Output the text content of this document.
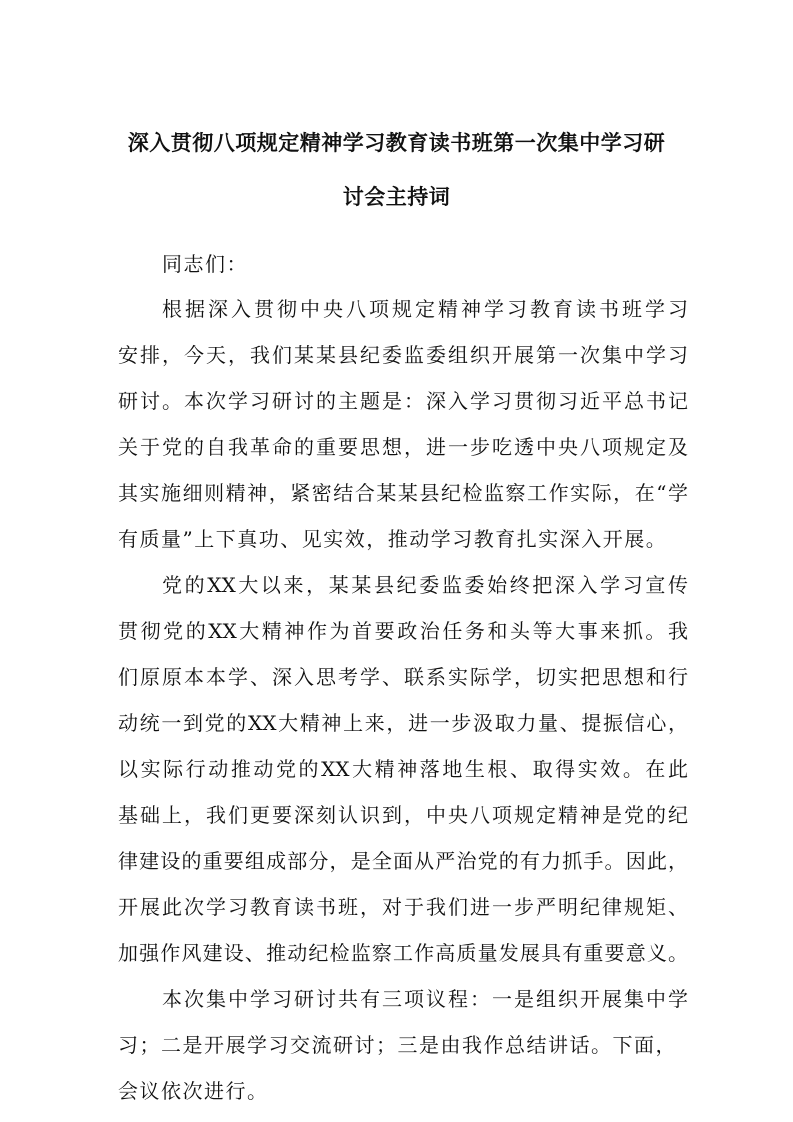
深入贯彻八项规定精神学习教育读书班第一次集中学习研
讨会主持词
同志们：
根据深入贯彻中央八项规定精神学习教育读书班学习
安排，今天，我们某某县纪委监委组织开展第一次集中学习
研讨。本次学习研讨的主题是：深入学习贯彻习近平总书记
关于党的自我革命的重要思想，进一步吃透中央八项规定及
其实施细则精神，紧密结合某某县纪检监察工作实际，在“学
有质量”上下真功、见实效，推动学习教育扎实深入开展。
党的XX大以来，某某县纪委监委始终把深入学习宣传
贯彻党的XX大精神作为首要政治任务和头等大事来抓。我
们原原本本学、深入思考学、联系实际学，切实把思想和行
动统一到党的XX大精神上来，进一步汲取力量、提振信心，
以实际行动推动党的XX大精神落地生根、取得实效。在此
基础上，我们更要深刻认识到，中央八项规定精神是党的纪
律建设的重要组成部分，是全面从严治党的有力抓手。因此，
开展此次学习教育读书班，对于我们进一步严明纪律规矩、
加强作风建设、推动纪检监察工作高质量发展具有重要意义。
本次集中学习研讨共有三项议程：一是组织开展集中学
习；二是开展学习交流研讨；三是由我作总结讲话。下面，
会议依次进行。
